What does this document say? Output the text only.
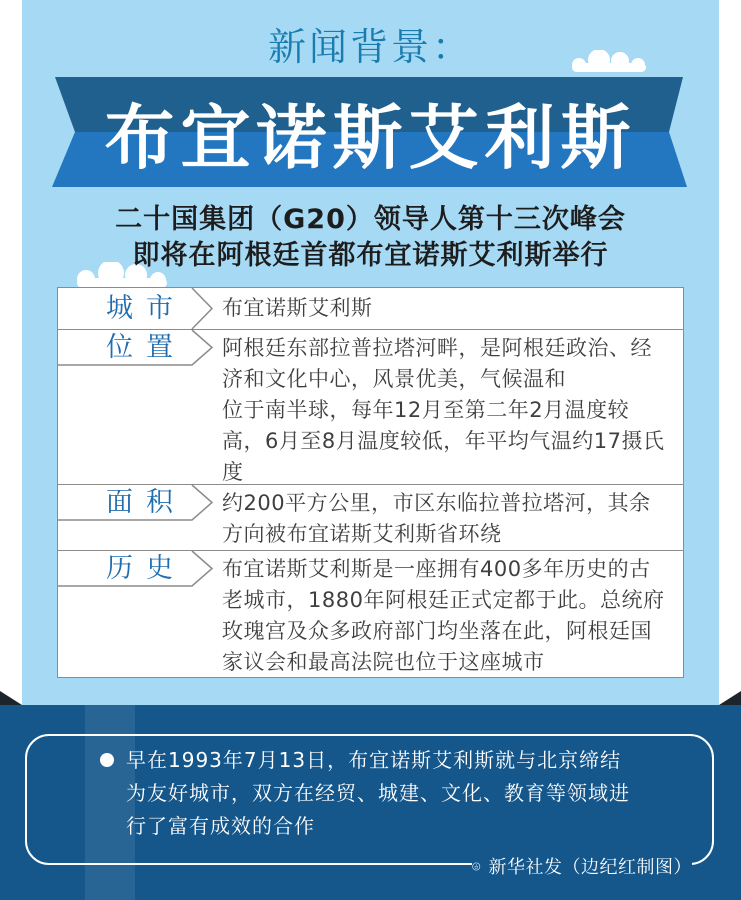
新闻背景：
布宜诺斯艾利斯
二十国集团（G20）领导人第十三次峰会
即将在阿根廷首都布宜诺斯艾利斯举行
城市 布宜诺斯艾利斯

位置 阿根廷东部拉普拉塔河畔，是阿根廷政治、经济和文化中心，风景优美，气候温和

位于南半球，每年12月至第二年2月温度较高，6月至8月温度较低，年平均气温约17摄氏度

面积 约200平方公里，市区东临拉普拉塔河，其余方向被布宜诺斯艾利斯省环绕

历史 布宜诺斯艾利斯是一座拥有400多年历史的古老城市，1880年阿根廷正式定都于此。总统府玫瑰宫及众多政府部门均坐落在此，阿根廷国家议会和最高法院也位于这座城市

早在1993年7月13日，布宜诺斯艾利斯就与北京缔结为友好城市，双方在经贸、城建、文化、教育等领域进行了富有成效的合作
新华社发（边纪红制图）
